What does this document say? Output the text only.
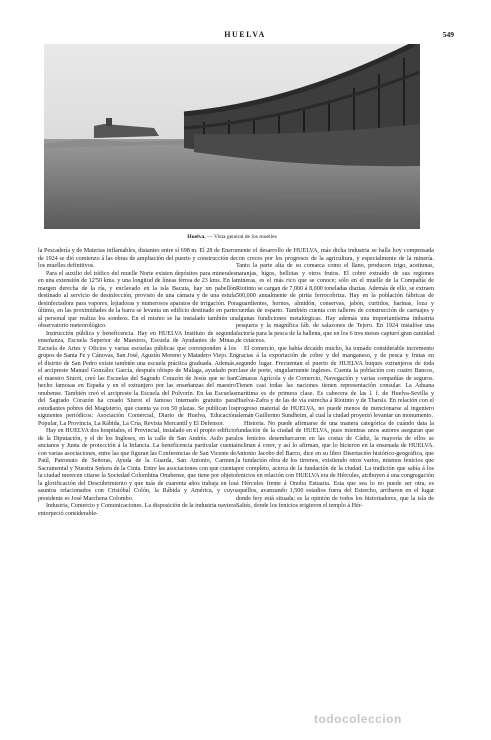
HUELVA	549
Huelva. — Vista general de los muelles

la Pescadería y de Materias inflamables, distantes entre sí 698 m. El 28 de Enero de 1924 se dió comienzo á las obras de ampliación del puerto y construcción de los muelles definitivos.

Para el auxilio del tráfico del muelle Norte existen depósitos para minerales en una extensión de 12'50 kms. y una longitud de líneas férrea de 23 kms. En la margen derecha de la ría, y enclavado en la isla Bacuta, hay un pabellón destinado al servicio de desinfección, provisto de una cámara y de una estufa desinfectadora para vapores, lejiadoras y numerosos aparatos de irrigación. Por último, en las proximidades de la barra se levanta un edificio destinado en parte al personal que realiza los sondeos. En el mismo se ha instalado también un observatorio meteorológico.

Instrucción pública y beneficencia. Hay en HUELVA Instituto de segunda enseñanza, Escuela Superior de Maestros, Escuela de Ayudantes de Minas, Escuela de Artes y Oficios y varias escuelas públicas que corresponden á los grupos de Santa Fe y Cánovas, San José, Agustín Moreno y Matadero Viejo. En el distrito de San Pedro existe también una escuela práctica graduada. Además, el arcipreste Manuel González García, después obispo de Málaga, ayudado por el maestro Siurot, creó las Escuelas del Sagrado Corazón de Jesús que se han hecho famosas en España y en el extranjero por las enseñanzas del maestro onubense. También creó el arcipreste la Escuela del Polvorín. En las Escuelas del Sagrado Corazón ha creado Siurot el famoso internado gratuito para estudiantes pobres del Magisterio, que cuenta ya con 50 plazas. Se publican los siguientes periódicos: Asociación Comercial, Diario de Huelva, Educación Popular, La Provincia, La Rábida, La Cría, Revista Mercantil y El Defensor.

Hay en HUELVA dos hospitales, el Provincial, instalado en el propio edificio de la Diputación, y el de los Ingleses, en la calle de San Andrés. Asilo para ancianos y Junta de protección á la Infancia. La beneficencia particular cuenta con varias asociaciones, entre las que figuran las Conferencias de San Vicente de Paúl, Patronato de Señoras, Ayuda de la Guarda, San Antonio, Carmen, Sacramental y Nuestra Señora de la Cinta. Entre las asociaciones con que cuenta la ciudad merecen citarse la Sociedad Colombina Onubense, que tiene por objeto la glorificación del Descubrimiento y que más de cuarenta años trabaja en los asuntos relacionados con Cristóbal Colón, la Rábida y América, y cuyo presidente es José Marchena Colombo.

Industria, Comercio y Comunicaciones. La disposición de la industria naviera entorpeció considerable-

mente el desarrollo de HUELVA, más dicha industria se halla hoy compensada con creces por los progresos de la agricultura, y especialmente de la minería. Tanto la parte alta de su comarca como el llano, producen trigo, aceitunas, naranjas, higos, bellotas y otros frutos. El cobre extraído de sus regiones mineras, es el más rico que se conoce; sólo en el muelle de la Compañía de Riotinto se cargan de 7,000 á 8,000 toneladas diarias. Además de ello, se extraen 500,000 anualmente de pirita ferrocobriza. Hay en la población fábricas de aguardientes, hornos, almidón, conservas, jabón, curtidos, harinas, loza y cuerdas de esparto. También cuenta con talleres de construcción de carruajes y algunas fundiciones metalúrgicas. Hay además una importantísima industria pesquera y la magnífica fáb. de salazones de Tejero. En 1924 instalóse una factoría para la pesca de la ballena, que en los 6 tres meses capturó gran cantidad de cetáceos.

El comercio, que había decaído mucho, ha tomado considerable incremento gracias á la exportación de cobre y del manganeso, y de pesca y frutas en segundo lugar. Frecuentan el puerto de HUELVA buques extranjeros de toda clase de porte, singularmente ingleses. Cuenta la población con cuatro Bancos, Cámaras Agrícola y de Comercio, Navegación y varias compañías de seguros. Tienen casi todas las naciones tienen representación consular. La Aduana marítima es de primera clase. Es cabecera de las l. f. de Huelva-Sevilla y Huelva-Zafra y de las de vía estrecha á Riotinto y de Tharsis. En relación con el progreso material de HUELVA, no puede menos de mencionarse al ingeniero alemán Guillermo Sundheim, al cual la ciudad proyectó levantar un monumento.

Historia. No puede afirmarse de una manera categórica de cuándo data la fundación de la ciudad de HUELVA, pues mientras unos autores aseguran que los fenicios desembarcaron en las costas de Cádiz, la mayoría de ellos se inclinan á creer, y así lo afirman, que lo hicieron en la ensenada de HUELVA. Antonio Jacobo del Barco, dice en su libro Disertación histórico-geográfica, que la fundación obra de los tirrenos, existiendo otros varios, mismos fenicios que por completo, acerca de la fundación de la ciudad. La tradición que sabía á los fenicios en relación con HUELVA era de Hércules, atribuyen á una congregación á Hércules frente á Onoba Estuaria. Esta que sea lo no puede ser otra, es aquéllos, avanzando 1,500 estadios fuera del Estrecho, arribaron en el lugar donde hoy está situada; es la opinión de todos los historiadores, que la isla de Saltés, donde los fenicios erigieron el templo á Hér-

todocoleccion
